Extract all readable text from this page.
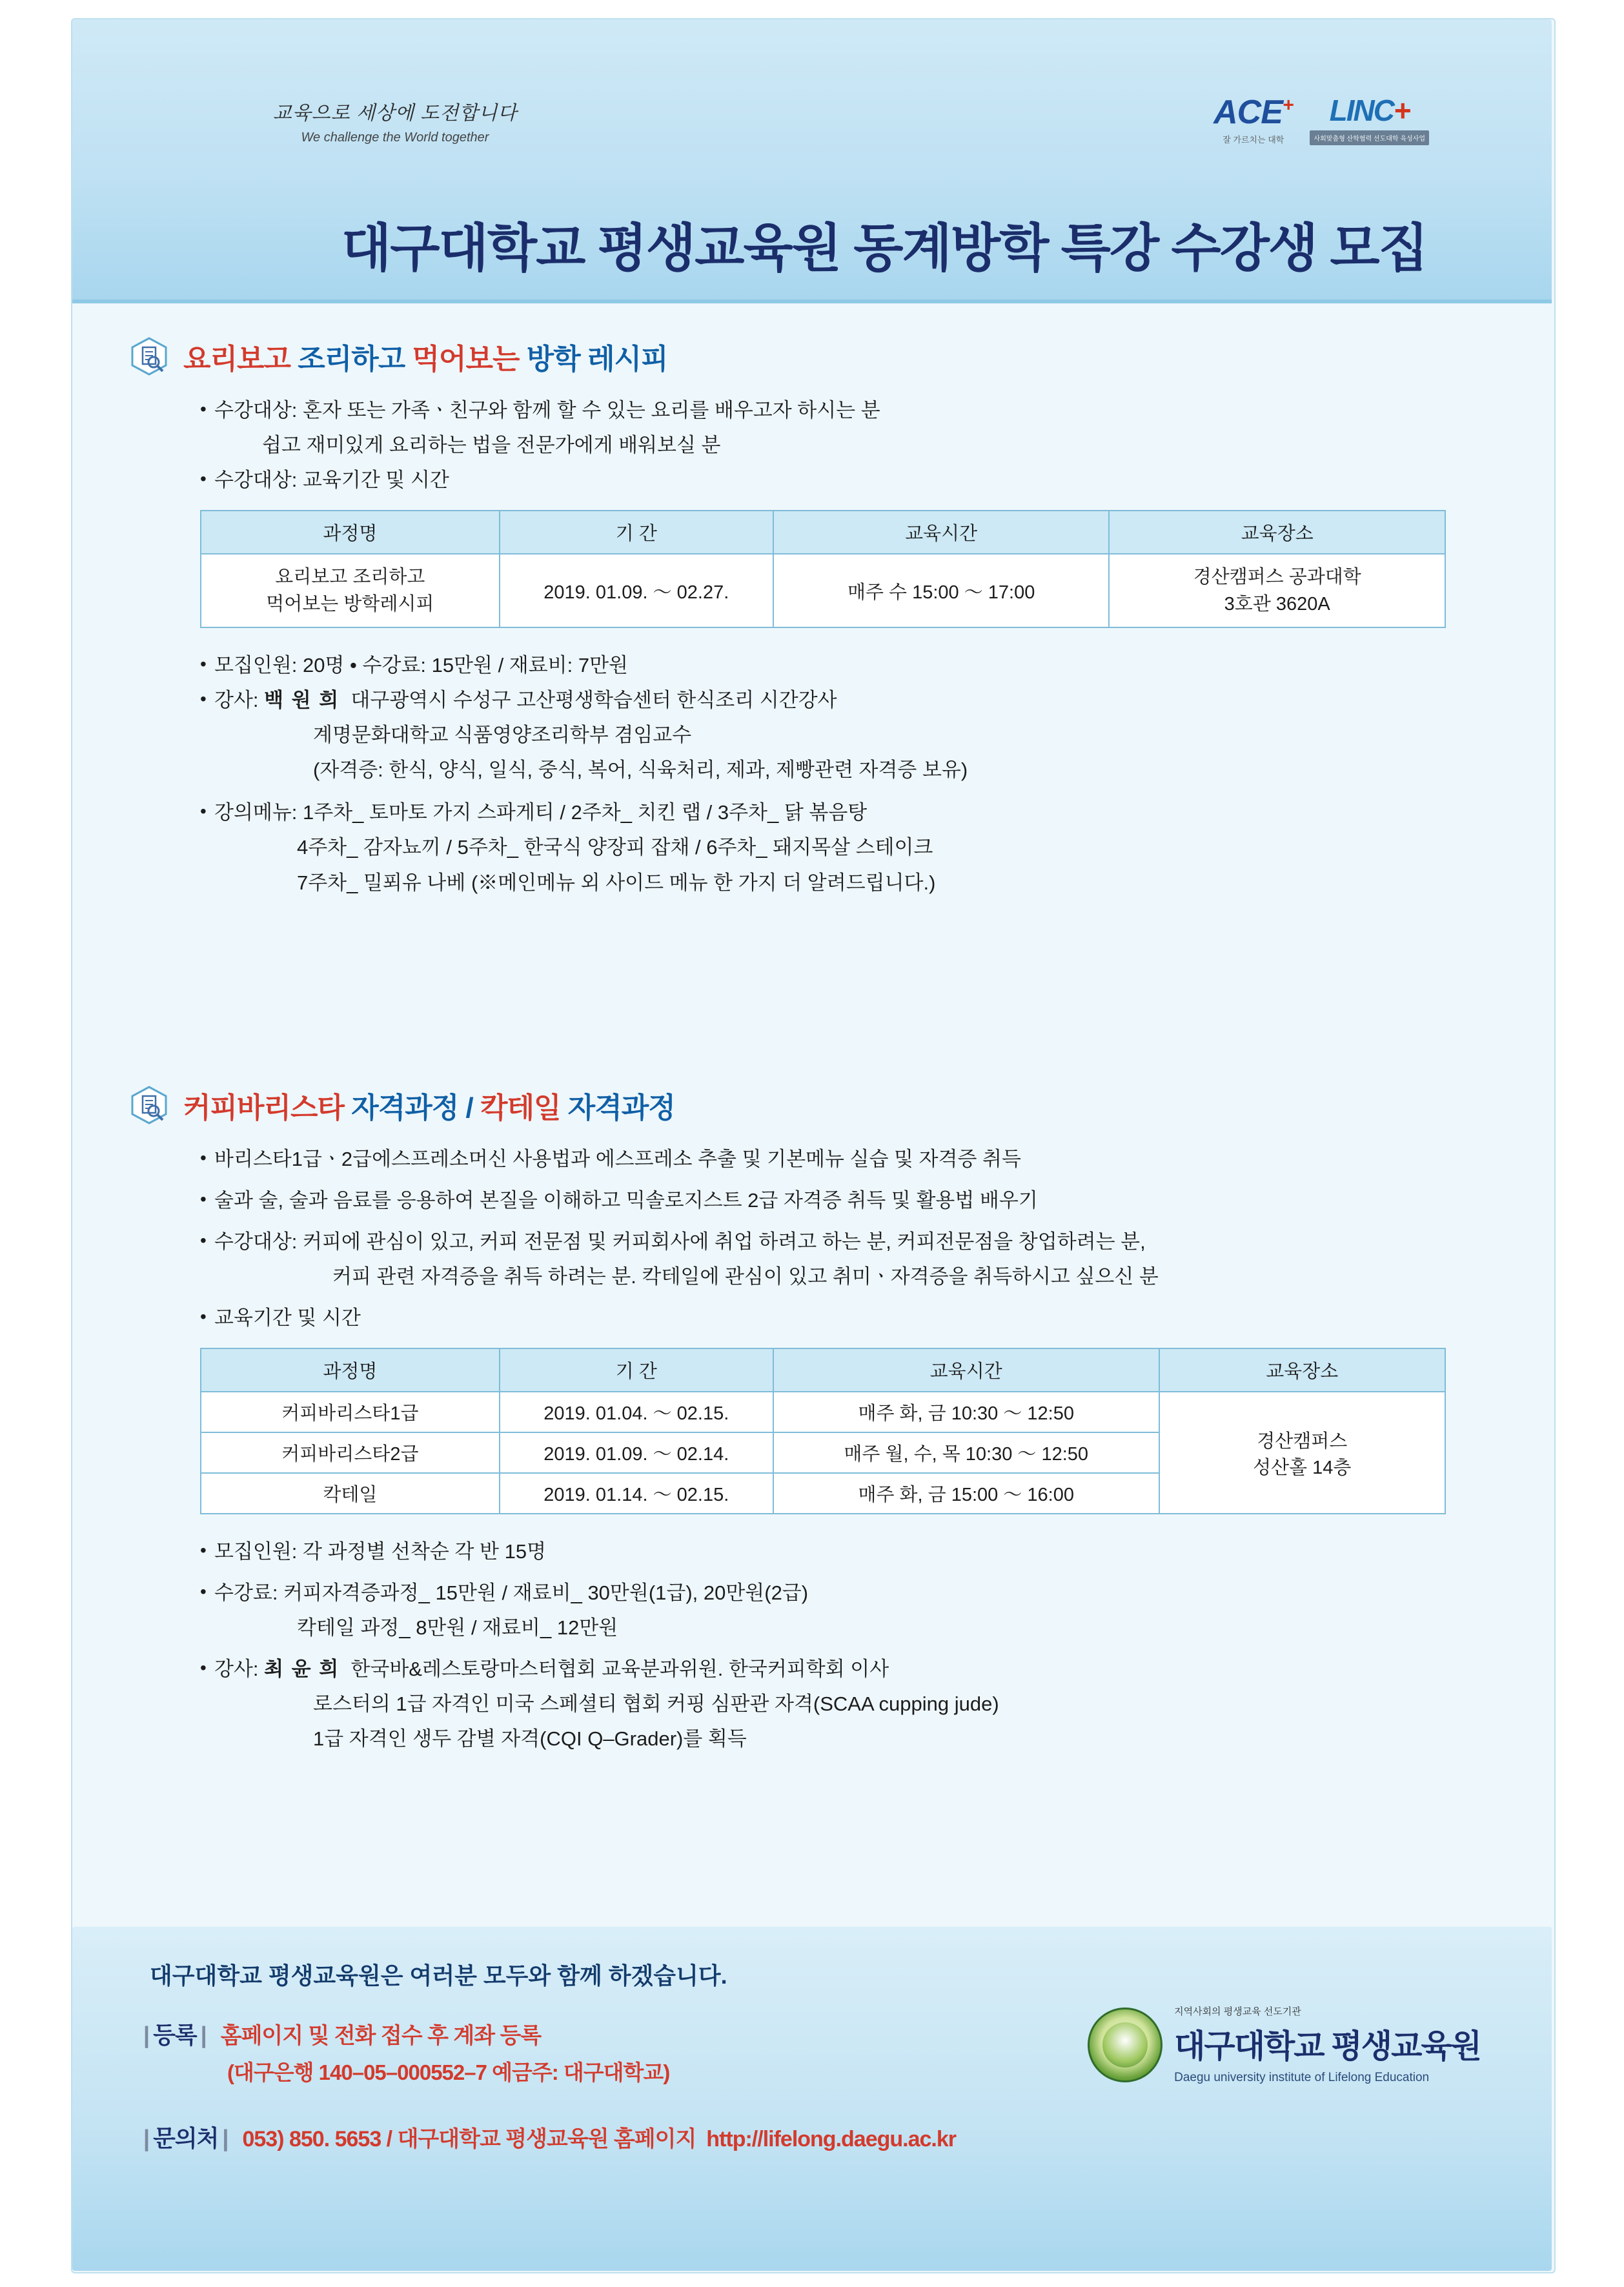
교육으로 세상에 도전합니다
We challenge the World together
ACE+
잘 가르치는 대학
LINC+
사회맞춤형 산학협력 선도대학 육성사업
대구대학교 평생교육원 동계방학 특강 수강생 모집
요리보고 조리하고 먹어보는 방학 레시피
• 수강대상: 혼자 또는 가족ㆍ친구와 함께 할 수 있는 요리를 배우고자 하시는 분
쉽고 재미있게 요리하는 법을 전문가에게 배워보실 분
• 수강대상: 교육기간 및 시간
과정명	기 간	교육시간	교육장소
요리보고 조리하고
먹어보는 방학레시피	2019. 01.09. ～ 02.27.	매주 수 15:00 ～ 17:00	경산캠퍼스 공과대학
3호관 3620A
• 모집인원: 20명 • 수강료: 15만원 / 재료비: 7만원
• 강사: 백 원 희  대구광역시 수성구 고산평생학습센터 한식조리 시간강사
계명문화대학교 식품영양조리학부 겸임교수
(자격증: 한식, 양식, 일식, 중식, 복어, 식육처리, 제과, 제빵관련 자격증 보유)
• 강의메뉴: 1주차_ 토마토 가지 스파게티 / 2주차_ 치킨 랩 / 3주차_ 닭 볶음탕
4주차_ 감자뇨끼 / 5주차_ 한국식 양장피 잡채 / 6주차_ 돼지목살 스테이크
7주차_ 밀푀유 나베 (※메인메뉴 외 사이드 메뉴 한 가지 더 알려드립니다.)
커피바리스타 자격과정 / 칵테일 자격과정
• 바리스타1급ㆍ2급에스프레소머신 사용법과 에스프레소 추출 및 기본메뉴 실습 및 자격증 취득
• 술과 술, 술과 음료를 응용하여 본질을 이해하고 믹솔로지스트 2급 자격증 취득 및 활용법 배우기
• 수강대상: 커피에 관심이 있고, 커피 전문점 및 커피회사에 취업 하려고 하는 분, 커피전문점을 창업하려는 분,
커피 관련 자격증을 취득 하려는 분. 칵테일에 관심이 있고 취미ㆍ자격증을 취득하시고 싶으신 분
• 교육기간 및 시간
과정명	기 간	교육시간	교육장소
커피바리스타1급	2019. 01.04. ～ 02.15.	매주 화, 금 10:30 ～ 12:50	경산캠퍼스
성산홀 14층
커피바리스타2급	2019. 01.09. ～ 02.14.	매주 월, 수, 목 10:30 ～ 12:50	
칵테일	2019. 01.14. ～ 02.15.	매주 화, 금 15:00 ～ 16:00	
• 모집인원: 각 과정별 선착순 각 반 15명
• 수강료: 커피자격증과정_ 15만원 / 재료비_ 30만원(1급), 20만원(2급)
칵테일 과정_ 8만원 / 재료비_ 12만원
• 강사: 최 윤 희  한국바&레스토랑마스터협회 교육분과위원. 한국커피학회 이사
로스터의 1급 자격인 미국 스페셜티 협회 커핑 심판관 자격(SCAA cupping jude)
1급 자격인 생두 감별 자격(CQI Q–Grader)를 획득
대구대학교 평생교육원은 여러분 모두와 함께 하겠습니다.
| 등록 | 홈페이지 및 전화 접수 후 계좌 등록
(대구은행 140–05–000552–7 예금주: 대구대학교)
| 문의처 | 053) 850. 5653 / 대구대학교 평생교육원 홈페이지 http://lifelong.daegu.ac.kr
지역사회의 평생교육 선도기관
대구대학교 평생교육원
Daegu university institute of Lifelong Education
